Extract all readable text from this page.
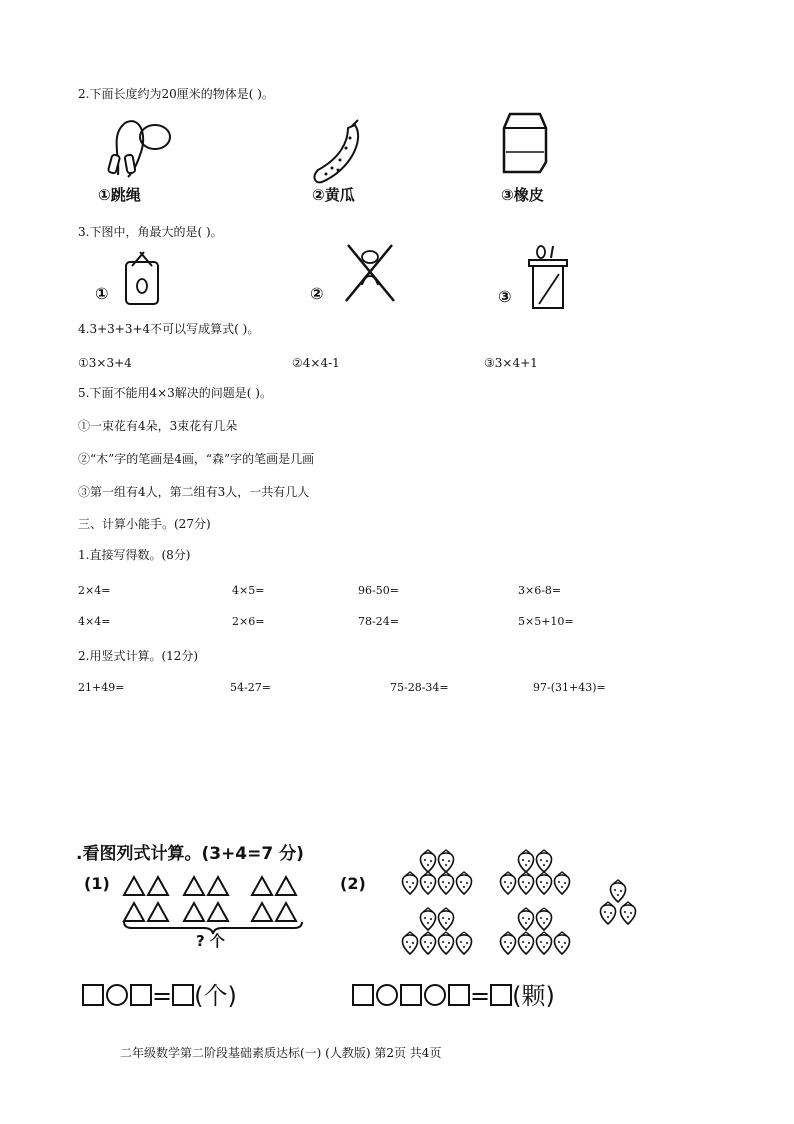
2.下面长度约为20厘米的物体是( )。
①跳绳	②黄瓜	③橡皮
3.下图中，角最大的是( )。
①	②	③
4.3+3+3+4不可以写成算式( )。
①3×3+4	②4×4-1	③3×4+1
5.下面不能用4×3解决的问题是( )。
①一束花有4朵，3束花有几朵
②“木”字的笔画是4画，“森”字的笔画是几画
③第一组有4人，第二组有3人，一共有几人
三、计算小能手。(27分)
1.直接写得数。(8分)
2×4=	4×5=	96-50=	3×6-8=
4×4=	2×6=	78-24=	5×5+10=
2.用竖式计算。(12分)
21+49=	54-27=	75-28-34=	97-(31+43)=
.看图列式计算。(3+4=7 分)
(1)
? 个
(2)
= (个)	= (颗)
二年级数学第二阶段基础素质达标(一) (人教版) 第2页 共4页
